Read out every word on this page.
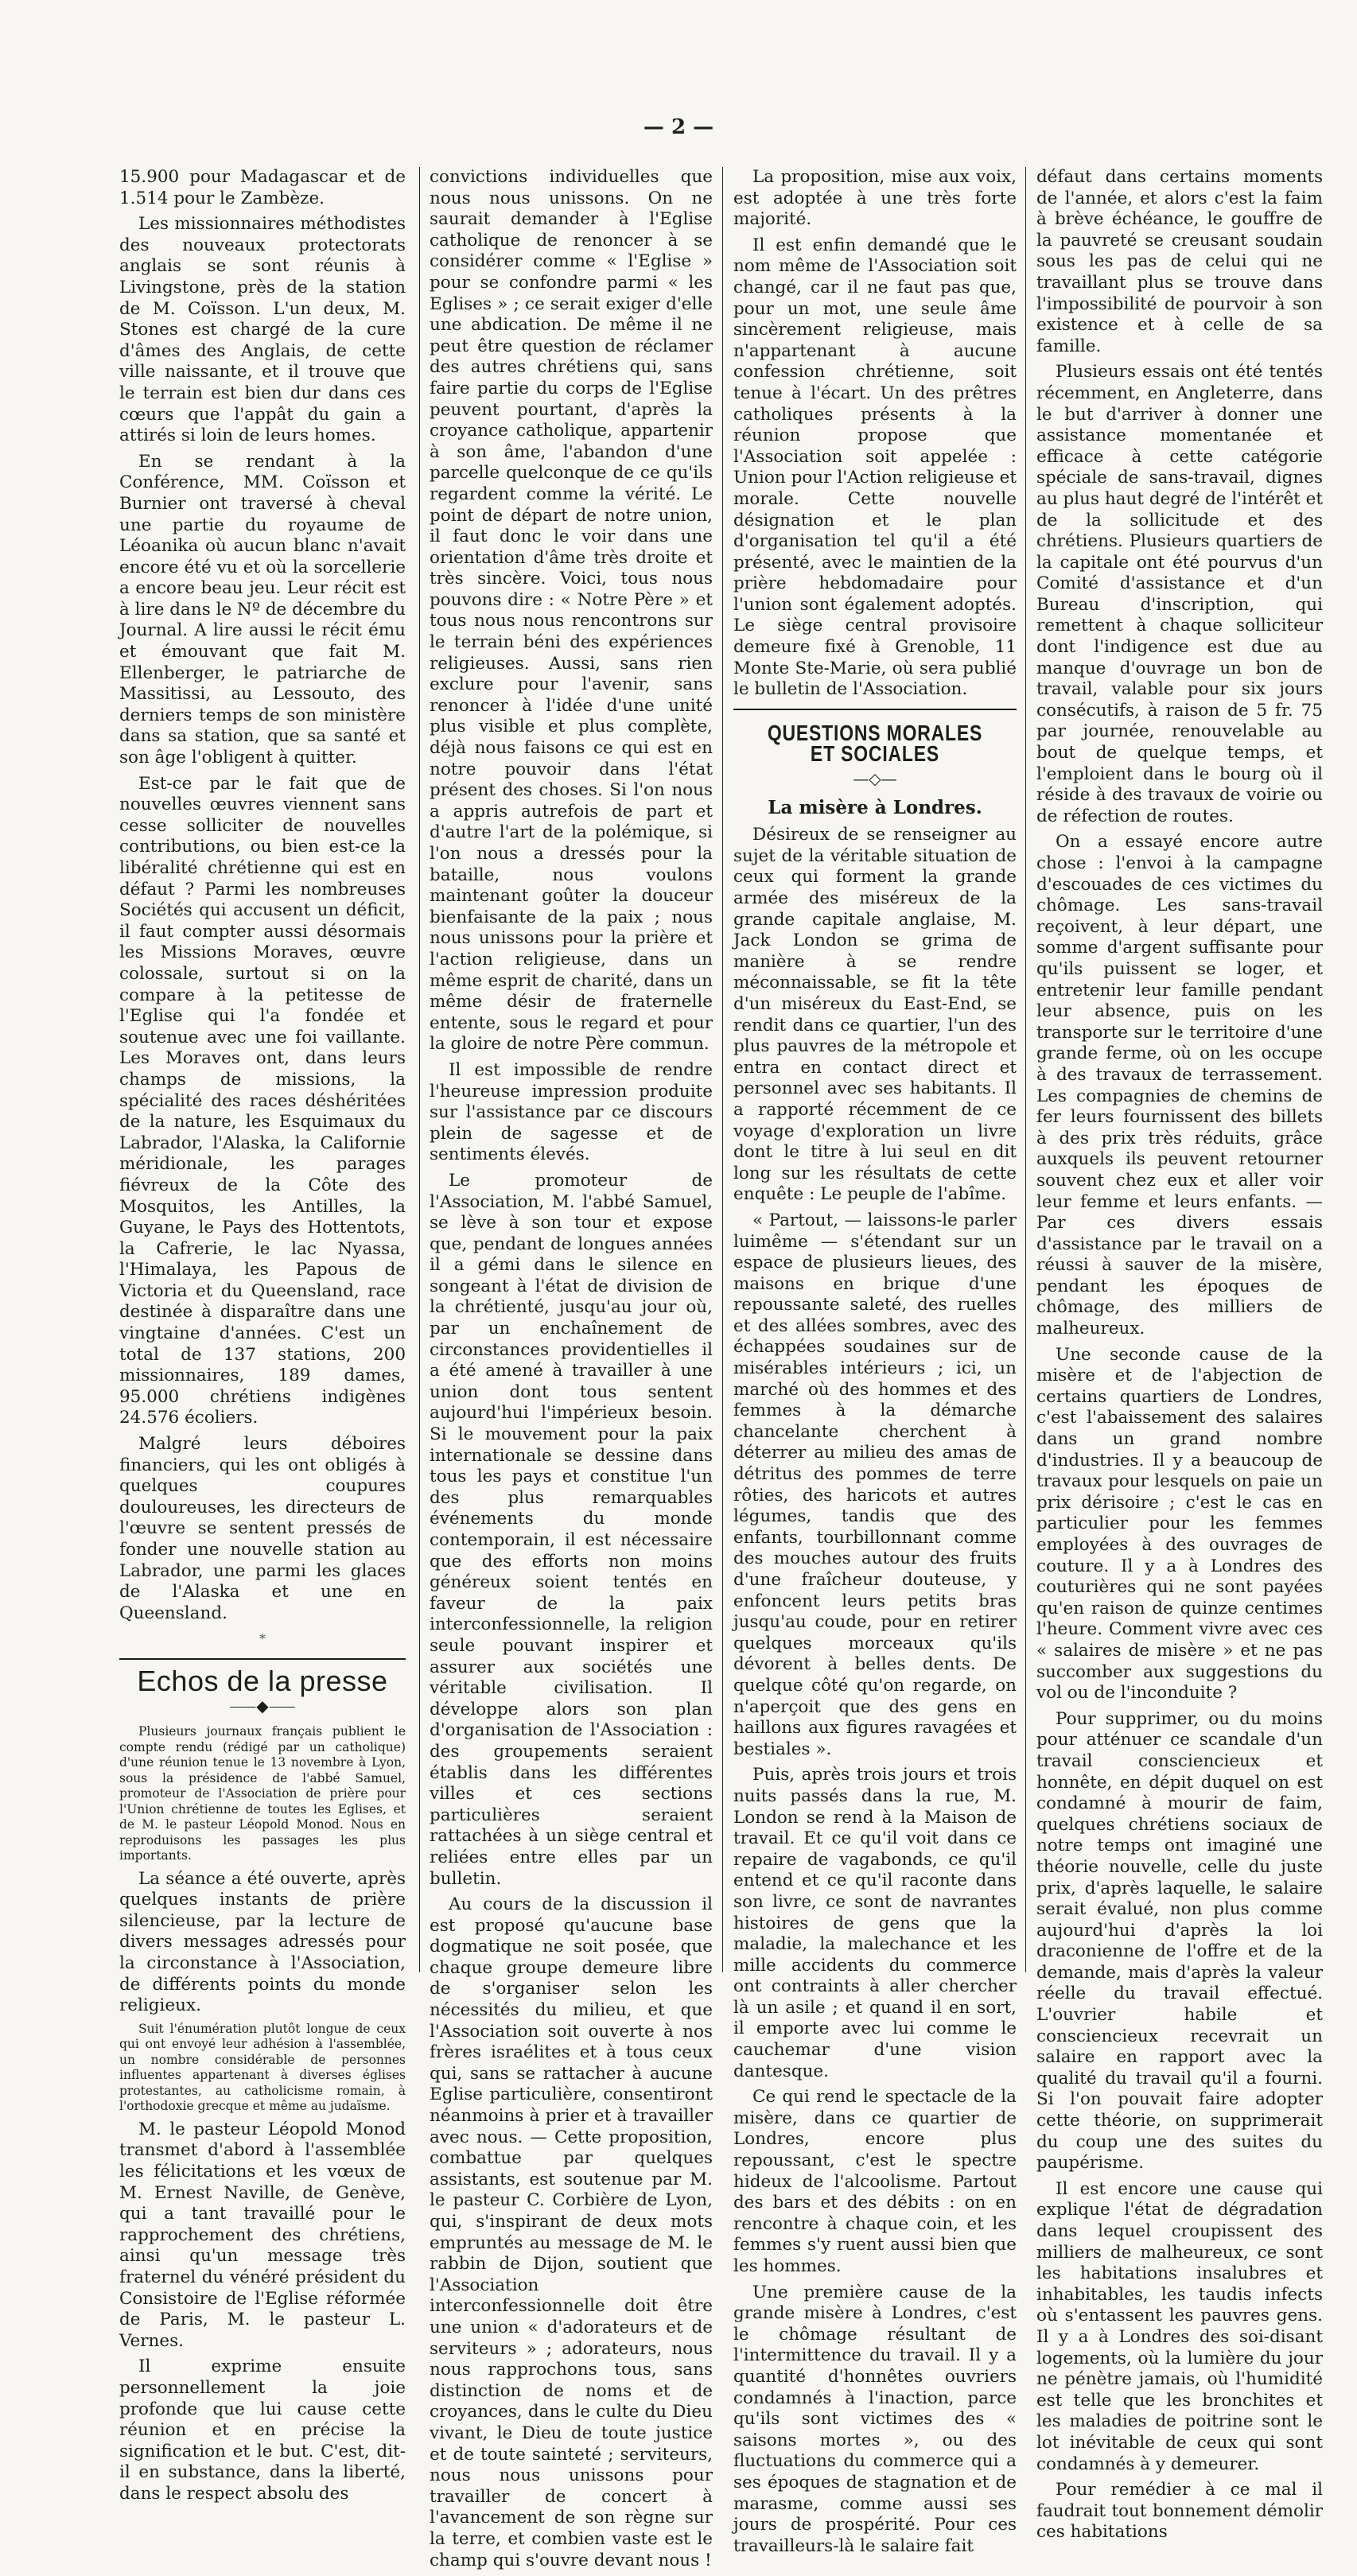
— 2 —

15.900 pour Madagascar et de 1.514 pour le Zambèze.

Les missionnaires méthodistes des nouveaux protectorats anglais se sont réunis à Livingstone, près de la station de M. Coïsson. L'un deux, M. Stones est chargé de la cure d'âmes des Anglais, de cette ville naissante, et il trouve que le terrain est bien dur dans ces cœurs que l'appât du gain a attirés si loin de leurs homes.

En se rendant à la Conférence, MM. Coïsson et Burnier ont traversé à cheval une partie du royaume de Léoanika où aucun blanc n'avait encore été vu et où la sorcellerie a encore beau jeu. Leur récit est à lire dans le Nº de décembre du Journal. A lire aussi le récit ému et émouvant que fait M. Ellenberger, le patriarche de Massitissi, au Lessouto, des derniers temps de son ministère dans sa station, que sa santé et son âge l'obligent à quitter.

Est-ce par le fait que de nouvelles œuvres viennent sans cesse solliciter de nouvelles contributions, ou bien est-ce la libéralité chrétienne qui est en défaut ? Parmi les nombreuses Sociétés qui accusent un déficit, il faut compter aussi désormais les Missions Moraves, œuvre colossale, surtout si on la compare à la petitesse de l'Eglise qui l'a fondée et soutenue avec une foi vaillante. Les Moraves ont, dans leurs champs de missions, la spécialité des races déshéritées de la nature, les Esquimaux du Labrador, l'Alaska, la Californie méridionale, les parages fiévreux de la Côte des Mosquitos, les Antilles, la Guyane, le Pays des Hottentots, la Cafrerie, le lac Nyassa, l'Himalaya, les Papous de Victoria et du Queensland, race destinée à disparaître dans une vingtaine d'années. C'est un total de 137 stations, 200 missionnaires, 189 dames, 95.000 chrétiens indigènes 24.576 écoliers.

Malgré leurs déboires financiers, qui les ont obligés à quelques coupures douloureuses, les directeurs de l'œuvre se sentent pressés de fonder une nouvelle station au Labrador, une parmi les glaces de l'Alaska et une en Queensland.

*
Echos de la presse
⸺◆⸺

Plusieurs journaux français publient le compte rendu (rédigé par un catholique) d'une réunion tenue le 13 novembre à Lyon, sous la présidence de l'abbé Samuel, promoteur de l'Association de prière pour l'Union chrétienne de toutes les Eglises, et de M. le pasteur Léopold Monod. Nous en reproduisons les passages les plus importants.

La séance a été ouverte, après quelques instants de prière silencieuse, par la lecture de divers messages adressés pour la circonstance à l'Association, de différents points du monde religieux.

Suit l'énumération plutôt longue de ceux qui ont envoyé leur adhésion à l'assemblée, un nombre considérable de personnes influentes appartenant à diverses églises protestantes, au catholicisme romain, à l'orthodoxie grecque et même au judaïsme.

M. le pasteur Léopold Monod transmet d'abord à l'assemblée les félicitations et les vœux de M. Ernest Naville, de Genève, qui a tant travaillé pour le rapprochement des chrétiens, ainsi qu'un message très fraternel du vénéré président du Consistoire de l'Eglise réformée de Paris, M. le pasteur L. Vernes.

Il exprime ensuite personnellement la joie profonde que lui cause cette réunion et en précise la signification et le but. C'est, dit-il en substance, dans la liberté, dans le respect absolu des

convictions individuelles que nous nous unissons. On ne saurait demander à l'Eglise catholique de renoncer à se considérer comme « l'Eglise » pour se confondre parmi « les Eglises » ; ce serait exiger d'elle une abdication. De même il ne peut être question de réclamer des autres chrétiens qui, sans faire partie du corps de l'Eglise peuvent pourtant, d'après la croyance catholique, appartenir à son âme, l'abandon d'une parcelle quelconque de ce qu'ils regardent comme la vérité. Le point de départ de notre union, il faut donc le voir dans une orientation d'âme très droite et très sincère. Voici, tous nous pouvons dire : « Notre Père » et tous nous nous rencontrons sur le terrain béni des expériences religieuses. Aussi, sans rien exclure pour l'avenir, sans renoncer à l'idée d'une unité plus visible et plus complète, déjà nous faisons ce qui est en notre pouvoir dans l'état présent des choses. Si l'on nous a appris autrefois de part et d'autre l'art de la polémique, si l'on nous a dressés pour la bataille, nous voulons maintenant goûter la douceur bienfaisante de la paix ; nous nous unissons pour la prière et l'action religieuse, dans un même esprit de charité, dans un même désir de fraternelle entente, sous le regard et pour la gloire de notre Père commun.

Il est impossible de rendre l'heureuse impression produite sur l'assistance par ce discours plein de sagesse et de sentiments élevés.

Le promoteur de l'Association, M. l'abbé Samuel, se lève à son tour et expose que, pendant de longues années il a gémi dans le silence en songeant à l'état de division de la chrétienté, jusqu'au jour où, par un enchaînement de circonstances providentielles il a été amené à travailler à une union dont tous sentent aujourd'hui l'impérieux besoin. Si le mouvement pour la paix internationale se dessine dans tous les pays et constitue l'un des plus remarquables événements du monde contemporain, il est nécessaire que des efforts non moins généreux soient tentés en faveur de la paix interconfessionnelle, la religion seule pouvant inspirer et assurer aux sociétés une véritable civilisation. Il développe alors son plan d'organisation de l'Association : des groupements seraient établis dans les différentes villes et ces sections particulières seraient rattachées à un siège central et reliées entre elles par un bulletin.

Au cours de la discussion il est proposé qu'aucune base dogmatique ne soit posée, que chaque groupe demeure libre de s'organiser selon les nécessités du milieu, et que l'Association soit ouverte à nos frères israélites et à tous ceux qui, sans se rattacher à aucune Eglise particulière, consentiront néanmoins à prier et à travailler avec nous. — Cette proposition, combattue par quelques assistants, est soutenue par M. le pasteur C. Corbière de Lyon, qui, s'inspirant de deux mots empruntés au message de M. le rabbin de Dijon, soutient que l'Association interconfessionnelle doit être une union « d'adorateurs et de serviteurs » ; adorateurs, nous nous rapprochons tous, sans distinction de noms et de croyances, dans le culte du Dieu vivant, le Dieu de toute justice et de toute sainteté ; serviteurs, nous nous unissons pour travailler de concert à l'avancement de son règne sur la terre, et combien vaste est le champ qui s'ouvre devant nous !

La proposition, mise aux voix, est adoptée à une très forte majorité.

Il est enfin demandé que le nom même de l'Association soit changé, car il ne faut pas que, pour un mot, une seule âme sincèrement religieuse, mais n'appartenant à aucune confession chrétienne, soit tenue à l'écart. Un des prêtres catholiques présents à la réunion propose que l'Association soit appelée : Union pour l'Action religieuse et morale. Cette nouvelle désignation et le plan d'organisation tel qu'il a été présenté, avec le maintien de la prière hebdomadaire pour l'union sont également adoptés. Le siège central provisoire demeure fixé à Grenoble, 11 Monte Ste-Marie, où sera publié le bulletin de l'Association.

QUESTIONS MORALES ET SOCIALES
—◇—
La misère à Londres.

Désireux de se renseigner au sujet de la véritable situation de ceux qui forment la grande armée des miséreux de la grande capitale anglaise, M. Jack London se grima de manière à se rendre méconnaissable, se fit la tête d'un miséreux du East-End, se rendit dans ce quartier, l'un des plus pauvres de la métropole et entra en contact direct et personnel avec ses habitants. Il a rapporté récemment de ce voyage d'exploration un livre dont le titre à lui seul en dit long sur les résultats de cette enquête : Le peuple de l'abîme.

« Partout, — laissons-le parler luimême — s'étendant sur un espace de plusieurs lieues, des maisons en brique d'une repoussante saleté, des ruelles et des allées sombres, avec des échappées soudaines sur de misérables intérieurs ; ici, un marché où des hommes et des femmes à la démarche chancelante cherchent à déterrer au milieu des amas de détritus des pommes de terre rôties, des haricots et autres légumes, tandis que des enfants, tourbillonnant comme des mouches autour des fruits d'une fraîcheur douteuse, y enfoncent leurs petits bras jusqu'au coude, pour en retirer quelques morceaux qu'ils dévorent à belles dents. De quelque côté qu'on regarde, on n'aperçoit que des gens en haillons aux figures ravagées et bestiales ».

Puis, après trois jours et trois nuits passés dans la rue, M. London se rend à la Maison de travail. Et ce qu'il voit dans ce repaire de vagabonds, ce qu'il entend et ce qu'il raconte dans son livre, ce sont de navrantes histoires de gens que la maladie, la malechance et les mille accidents du commerce ont contraints à aller chercher là un asile ; et quand il en sort, il emporte avec lui comme le cauchemar d'une vision dantesque.

Ce qui rend le spectacle de la misère, dans ce quartier de Londres, encore plus repoussant, c'est le spectre hideux de l'alcoolisme. Partout des bars et des débits : on en rencontre à chaque coin, et les femmes s'y ruent aussi bien que les hommes.

Une première cause de la grande misère à Londres, c'est le chômage résultant de l'intermittence du travail. Il y a quantité d'honnêtes ouvriers condamnés à l'inaction, parce qu'ils sont victimes des « saisons mortes », ou des fluctuations du commerce qui a ses époques de stagnation et de marasme, comme aussi ses jours de prospérité. Pour ces travailleurs-là le salaire fait

défaut dans certains moments de l'année, et alors c'est la faim à brève échéance, le gouffre de la pauvreté se creusant soudain sous les pas de celui qui ne travaillant plus se trouve dans l'impossibilité de pourvoir à son existence et à celle de sa famille.

Plusieurs essais ont été tentés récemment, en Angleterre, dans le but d'arriver à donner une assistance momentanée et efficace à cette catégorie spéciale de sans-travail, dignes au plus haut degré de l'intérêt et de la sollicitude et des chrétiens. Plusieurs quartiers de la capitale ont été pourvus d'un Comité d'assistance et d'un Bureau d'inscription, qui remettent à chaque solliciteur dont l'indigence est due au manque d'ouvrage un bon de travail, valable pour six jours consécutifs, à raison de 5 fr. 75 par journée, renouvelable au bout de quelque temps, et l'emploient dans le bourg où il réside à des travaux de voirie ou de réfection de routes.

On a essayé encore autre chose : l'envoi à la campagne d'escouades de ces victimes du chômage. Les sans-travail reçoivent, à leur départ, une somme d'argent suffisante pour qu'ils puissent se loger, et entretenir leur famille pendant leur absence, puis on les transporte sur le territoire d'une grande ferme, où on les occupe à des travaux de terrassement. Les compagnies de chemins de fer leurs fournissent des billets à des prix très réduits, grâce auxquels ils peuvent retourner souvent chez eux et aller voir leur femme et leurs enfants. — Par ces divers essais d'assistance par le travail on a réussi à sauver de la misère, pendant les époques de chômage, des milliers de malheureux.

Une seconde cause de la misère et de l'abjection de certains quartiers de Londres, c'est l'abaissement des salaires dans un grand nombre d'industries. Il y a beaucoup de travaux pour lesquels on paie un prix dérisoire ; c'est le cas en particulier pour les femmes employées à des ouvrages de couture. Il y a à Londres des couturières qui ne sont payées qu'en raison de quinze centimes l'heure. Comment vivre avec ces « salaires de misère » et ne pas succomber aux suggestions du vol ou de l'inconduite ?

Pour supprimer, ou du moins pour atténuer ce scandale d'un travail consciencieux et honnête, en dépit duquel on est condamné à mourir de faim, quelques chrétiens sociaux de notre temps ont imaginé une théorie nouvelle, celle du juste prix, d'après laquelle, le salaire serait évalué, non plus comme aujourd'hui d'après la loi draconienne de l'offre et de la demande, mais d'après la valeur réelle du travail effectué. L'ouvrier habile et consciencieux recevrait un salaire en rapport avec la qualité du travail qu'il a fourni. Si l'on pouvait faire adopter cette théorie, on supprimerait du coup une des suites du paupérisme.

Il est encore une cause qui explique l'état de dégradation dans lequel croupissent des milliers de malheureux, ce sont les habitations insalubres et inhabitables, les taudis infects où s'entassent les pauvres gens. Il y a à Londres des soi-disant logements, où la lumière du jour ne pénètre jamais, où l'humidité est telle que les bronchites et les maladies de poitrine sont le lot inévitable de ceux qui sont condamnés à y demeurer.

Pour remédier à ce mal il faudrait tout bonnement démolir ces habitations
